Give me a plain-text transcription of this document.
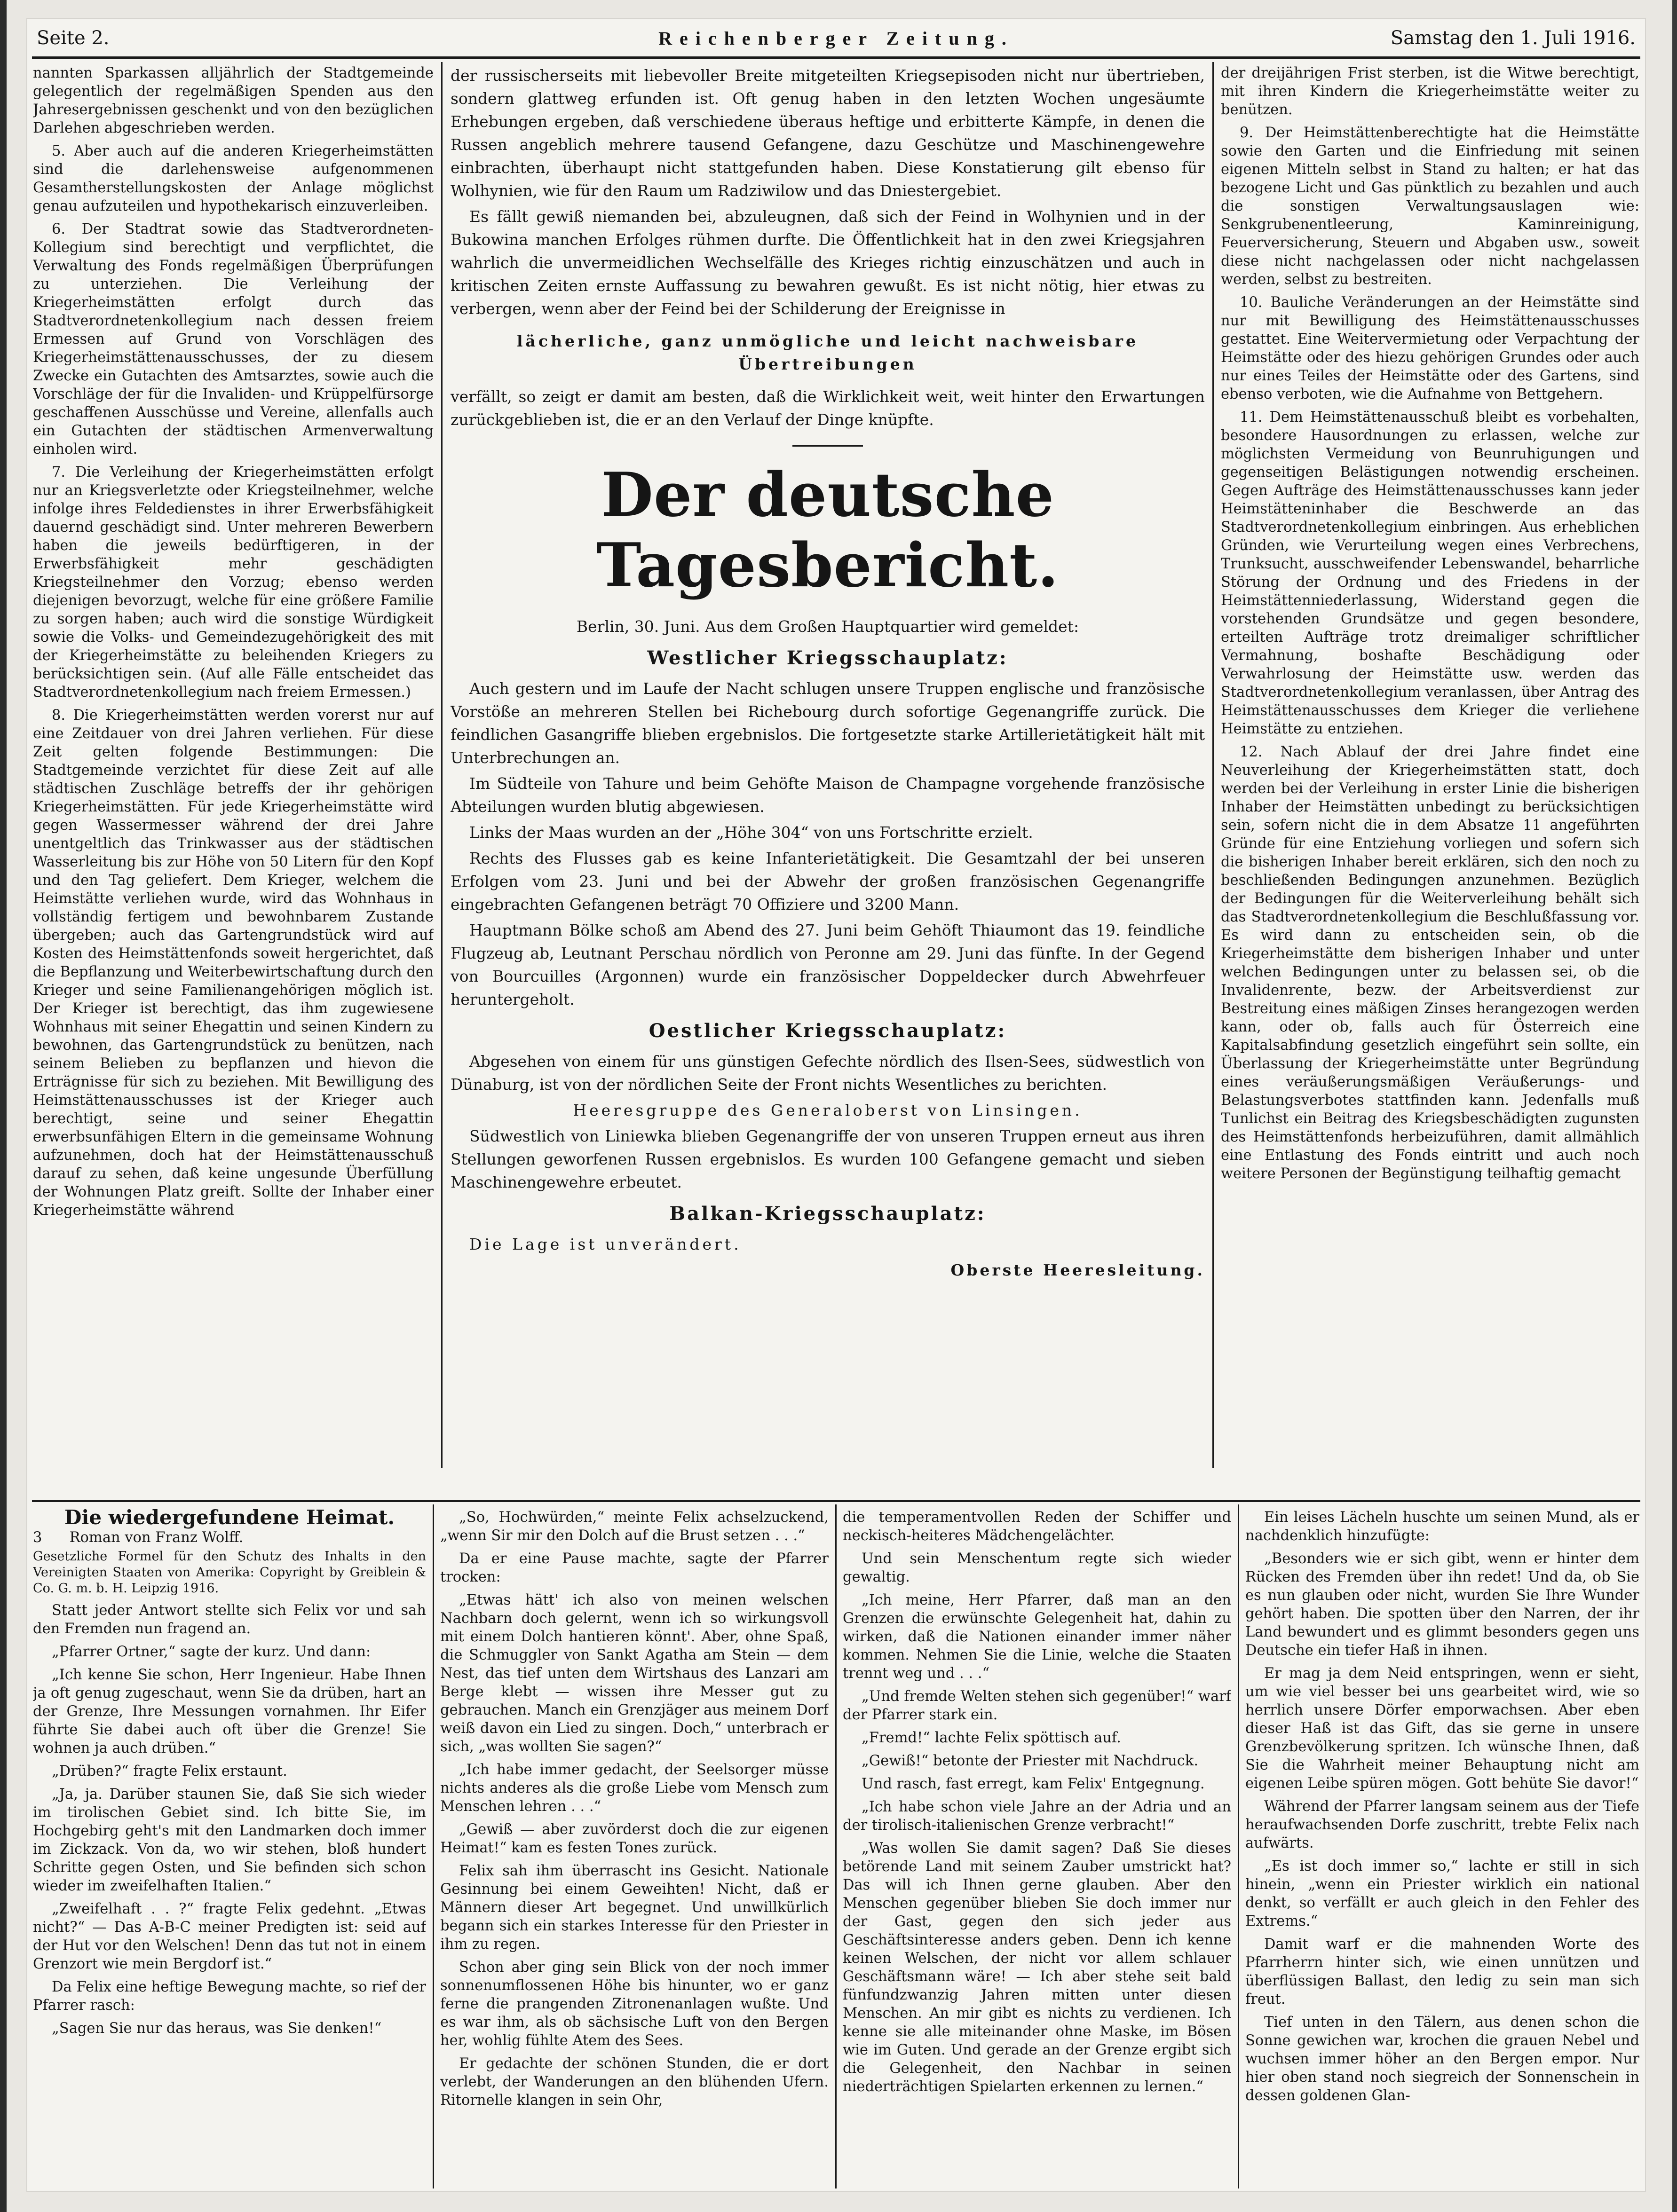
Seite 2.	Reichenberger Zeitung.	Samstag den 1. Juli 1916.

nannten Sparkassen alljährlich der Stadtgemeinde gelegentlich der regelmäßigen Spenden aus den Jahresergebnissen geschenkt und von den bezüglichen Darlehen abgeschrieben werden.

5. Aber auch auf die anderen Kriegerheimstätten sind die darlehensweise aufgenommenen Gesamtherstellungskosten der Anlage möglichst genau aufzuteilen und hypothekarisch einzuverleiben.

6. Der Stadtrat sowie das Stadtverordneten-Kollegium sind berechtigt und verpflichtet, die Verwaltung des Fonds regelmäßigen Überprüfungen zu unterziehen. Die Verleihung der Kriegerheimstätten erfolgt durch das Stadtverordnetenkollegium nach dessen freiem Ermessen auf Grund von Vorschlägen des Kriegerheimstättenausschusses, der zu diesem Zwecke ein Gutachten des Amtsarztes, sowie auch die Vorschläge der für die Invaliden- und Krüppelfürsorge geschaffenen Ausschüsse und Vereine, allenfalls auch ein Gutachten der städtischen Armenverwaltung einholen wird.

7. Die Verleihung der Kriegerheimstätten erfolgt nur an Kriegsverletzte oder Kriegsteilnehmer, welche infolge ihres Feldedienstes in ihrer Erwerbsfähigkeit dauernd geschädigt sind. Unter mehreren Bewerbern haben die jeweils bedürftigeren, in der Erwerbsfähigkeit mehr geschädigten Kriegsteilnehmer den Vorzug; ebenso werden diejenigen bevorzugt, welche für eine größere Familie zu sorgen haben; auch wird die sonstige Würdigkeit sowie die Volks- und Gemeindezugehörigkeit des mit der Kriegerheimstätte zu beleihenden Kriegers zu berücksichtigen sein. (Auf alle Fälle entscheidet das Stadtverordnetenkollegium nach freiem Ermessen.)

8. Die Kriegerheimstätten werden vorerst nur auf eine Zeitdauer von drei Jahren verliehen. Für diese Zeit gelten folgende Bestimmungen: Die Stadtgemeinde verzichtet für diese Zeit auf alle städtischen Zuschläge betreffs der ihr gehörigen Kriegerheimstätten. Für jede Kriegerheimstätte wird gegen Wassermesser während der drei Jahre unentgeltlich das Trinkwasser aus der städtischen Wasserleitung bis zur Höhe von 50 Litern für den Kopf und den Tag geliefert. Dem Krieger, welchem die Heimstätte verliehen wurde, wird das Wohnhaus in vollständig fertigem und bewohnbarem Zustande übergeben; auch das Gartengrundstück wird auf Kosten des Heimstättenfonds soweit hergerichtet, daß die Bepflanzung und Weiterbewirtschaftung durch den Krieger und seine Familienangehörigen möglich ist. Der Krieger ist berechtigt, das ihm zugewiesene Wohnhaus mit seiner Ehegattin und seinen Kindern zu bewohnen, das Gartengrundstück zu benützen, nach seinem Belieben zu bepflanzen und hievon die Erträgnisse für sich zu beziehen. Mit Bewilligung des Heimstättenausschusses ist der Krieger auch berechtigt, seine und seiner Ehegattin erwerbsunfähigen Eltern in die gemeinsame Wohnung aufzunehmen, doch hat der Heimstättenausschuß darauf zu sehen, daß keine ungesunde Überfüllung der Wohnungen Platz greift. Sollte der Inhaber einer Kriegerheimstätte während

der russischerseits mit liebevoller Breite mitgeteilten Kriegsepisoden nicht nur übertrieben, sondern glattweg erfunden ist. Oft genug haben in den letzten Wochen ungesäumte Erhebungen ergeben, daß verschiedene überaus heftige und erbitterte Kämpfe, in denen die Russen angeblich mehrere tausend Gefangene, dazu Geschütze und Maschinengewehre einbrachten, überhaupt nicht stattgefunden haben. Diese Konstatierung gilt ebenso für Wolhynien, wie für den Raum um Radziwilow und das Dniestergebiet.

Es fällt gewiß niemanden bei, abzuleugnen, daß sich der Feind in Wolhynien und in der Bukowina manchen Erfolges rühmen durfte. Die Öffentlichkeit hat in den zwei Kriegsjahren wahrlich die unvermeidlichen Wechselfälle des Krieges richtig einzuschätzen und auch in kritischen Zeiten ernste Auffassung zu bewahren gewußt. Es ist nicht nötig, hier etwas zu verbergen, wenn aber der Feind bei der Schilderung der Ereignisse in

lächerliche, ganz unmögliche und leicht nachweisbare Übertreibungen

verfällt, so zeigt er damit am besten, daß die Wirklichkeit weit, weit hinter den Erwartungen zurückgeblieben ist, die er an den Verlauf der Dinge knüpfte.

Der deutsche Tagesbericht.

Berlin, 30. Juni. Aus dem Großen Hauptquartier wird gemeldet:

Westlicher Kriegsschauplatz:

Auch gestern und im Laufe der Nacht schlugen unsere Truppen englische und französische Vorstöße an mehreren Stellen bei Richebourg durch sofortige Gegenangriffe zurück. Die feindlichen Gasangriffe blieben ergebnislos. Die fortgesetzte starke Artillerietätigkeit hält mit Unterbrechungen an.

Im Südteile von Tahure und beim Gehöfte Maison de Champagne vorgehende französische Abteilungen wurden blutig abgewiesen.

Links der Maas wurden an der „Höhe 304“ von uns Fortschritte erzielt.

Rechts des Flusses gab es keine Infanterietätigkeit. Die Gesamtzahl der bei unseren Erfolgen vom 23. Juni und bei der Abwehr der großen französischen Gegenangriffe eingebrachten Gefangenen beträgt 70 Offiziere und 3200 Mann.

Hauptmann Bölke schoß am Abend des 27. Juni beim Gehöft Thiaumont das 19. feindliche Flugzeug ab, Leutnant Perschau nördlich von Peronne am 29. Juni das fünfte. In der Gegend von Bourcuilles (Argonnen) wurde ein französischer Doppeldecker durch Abwehrfeuer heruntergeholt.

Oestlicher Kriegsschauplatz:

Abgesehen von einem für uns günstigen Gefechte nördlich des Ilsen-Sees, südwestlich von Dünaburg, ist von der nördlichen Seite der Front nichts Wesentliches zu berichten.

Heeresgruppe des Generaloberst von Linsingen.

Südwestlich von Liniewka blieben Gegenangriffe der von unseren Truppen erneut aus ihren Stellungen geworfenen Russen ergebnislos. Es wurden 100 Gefangene gemacht und sieben Maschinengewehre erbeutet.

Balkan-Kriegsschauplatz:

Die Lage ist unverändert.

Oberste Heeresleitung.

der dreijährigen Frist sterben, ist die Witwe berechtigt, mit ihren Kindern die Kriegerheimstätte weiter zu benützen.

9. Der Heimstättenberechtigte hat die Heimstätte sowie den Garten und die Einfriedung mit seinen eigenen Mitteln selbst in Stand zu halten; er hat das bezogene Licht und Gas pünktlich zu bezahlen und auch die sonstigen Verwaltungsauslagen wie: Senkgrubenentleerung, Kaminreinigung, Feuerversicherung, Steuern und Abgaben usw., soweit diese nicht nachgelassen oder nicht nachgelassen werden, selbst zu bestreiten.

10. Bauliche Veränderungen an der Heimstätte sind nur mit Bewilligung des Heimstättenausschusses gestattet. Eine Weitervermietung oder Verpachtung der Heimstätte oder des hiezu gehörigen Grundes oder auch nur eines Teiles der Heimstätte oder des Gartens, sind ebenso verboten, wie die Aufnahme von Bettgehern.

11. Dem Heimstättenausschuß bleibt es vorbehalten, besondere Hausordnungen zu erlassen, welche zur möglichsten Vermeidung von Beunruhigungen und gegenseitigen Belästigungen notwendig erscheinen. Gegen Aufträge des Heimstättenausschusses kann jeder Heimstätteninhaber die Beschwerde an das Stadtverordnetenkollegium einbringen. Aus erheblichen Gründen, wie Verurteilung wegen eines Verbrechens, Trunksucht, ausschweifender Lebenswandel, beharrliche Störung der Ordnung und des Friedens in der Heimstättenniederlassung, Widerstand gegen die vorstehenden Grundsätze und gegen besondere, erteilten Aufträge trotz dreimaliger schriftlicher Vermahnung, boshafte Beschädigung oder Verwahrlosung der Heimstätte usw. werden das Stadtverordnetenkollegium veranlassen, über Antrag des Heimstättenausschusses dem Krieger die verliehene Heimstätte zu entziehen.

12. Nach Ablauf der drei Jahre findet eine Neuverleihung der Kriegerheimstätten statt, doch werden bei der Verleihung in erster Linie die bisherigen Inhaber der Heimstätten unbedingt zu berücksichtigen sein, sofern nicht die in dem Absatze 11 angeführten Gründe für eine Entziehung vorliegen und sofern sich die bisherigen Inhaber bereit erklären, sich den noch zu beschließenden Bedingungen anzunehmen. Bezüglich der Bedingungen für die Weiterverleihung behält sich das Stadtverordnetenkollegium die Beschlußfassung vor. Es wird dann zu entscheiden sein, ob die Kriegerheimstätte dem bisherigen Inhaber und unter welchen Bedingungen unter zu belassen sei, ob die Invalidenrente, bezw. der Arbeitsverdienst zur Bestreitung eines mäßigen Zinses herangezogen werden kann, oder ob, falls auch für Österreich eine Kapitalsabfindung gesetzlich eingeführt sein sollte, ein Überlassung der Kriegerheimstätte unter Begründung eines veräußerungsmäßigen Veräußerungs- und Belastungsverbotes stattfinden kann. Jedenfalls muß Tunlichst ein Beitrag des Kriegsbeschädigten zugunsten des Heimstättenfonds herbeizuführen, damit allmählich eine Entlastung des Fonds eintritt und auch noch weitere Personen der Begünstigung teilhaftig gemacht

Die wiedergefundene Heimat.

3 Roman von Franz Wolff.

Gesetzliche Formel für den Schutz des Inhalts in den Vereinigten Staaten von Amerika: Copyright by Greiblein & Co. G. m. b. H. Leipzig 1916.

Statt jeder Antwort stellte sich Felix vor und sah den Fremden nun fragend an.

„Pfarrer Ortner,“ sagte der kurz. Und dann:

„Ich kenne Sie schon, Herr Ingenieur. Habe Ihnen ja oft genug zugeschaut, wenn Sie da drüben, hart an der Grenze, Ihre Messungen vornahmen. Ihr Eifer führte Sie dabei auch oft über die Grenze! Sie wohnen ja auch drüben.“

„Drüben?“ fragte Felix erstaunt.

„Ja, ja. Darüber staunen Sie, daß Sie sich wieder im tirolischen Gebiet sind. Ich bitte Sie, im Hochgebirg geht's mit den Landmarken doch immer im Zickzack. Von da, wo wir stehen, bloß hundert Schritte gegen Osten, und Sie befinden sich schon wieder im zweifelhaften Italien.“

„Zweifelhaft . . ?“ fragte Felix gedehnt. „Etwas nicht?“ — Das A-B-C meiner Predigten ist: seid auf der Hut vor den Welschen! Denn das tut not in einem Grenzort wie mein Bergdorf ist.“

Da Felix eine heftige Bewegung machte, so rief der Pfarrer rasch:

„Sagen Sie nur das heraus, was Sie denken!“

„So, Hochwürden,“ meinte Felix achselzuckend, „wenn Sir mir den Dolch auf die Brust setzen . . .“

Da er eine Pause machte, sagte der Pfarrer trocken:

„Etwas hätt' ich also von meinen welschen Nachbarn doch gelernt, wenn ich so wirkungsvoll mit einem Dolch hantieren könnt'. Aber, ohne Spaß, die Schmuggler von Sankt Agatha am Stein — dem Nest, das tief unten dem Wirtshaus des Lanzari am Berge klebt — wissen ihre Messer gut zu gebrauchen. Manch ein Grenzjäger aus meinem Dorf weiß davon ein Lied zu singen. Doch,“ unterbrach er sich, „was wollten Sie sagen?“

„Ich habe immer gedacht, der Seelsorger müsse nichts anderes als die große Liebe vom Mensch zum Menschen lehren . . .“

„Gewiß — aber zuvörderst doch die zur eigenen Heimat!“ kam es festen Tones zurück.

Felix sah ihm überrascht ins Gesicht. Nationale Gesinnung bei einem Geweihten! Nicht, daß er Männern dieser Art begegnet. Und unwillkürlich begann sich ein starkes Interesse für den Priester in ihm zu regen.

Schon aber ging sein Blick von der noch immer sonnenumflossenen Höhe bis hinunter, wo er ganz ferne die prangenden Zitronenanlagen wußte. Und es war ihm, als ob sächsische Luft von den Bergen her, wohlig fühlte Atem des Sees.

Er gedachte der schönen Stunden, die er dort verlebt, der Wanderungen an den blühenden Ufern. Ritornelle klangen in sein Ohr,

die temperamentvollen Reden der Schiffer und neckisch-heiteres Mädchengelächter.

Und sein Menschentum regte sich wieder gewaltig.

„Ich meine, Herr Pfarrer, daß man an den Grenzen die erwünschte Gelegenheit hat, dahin zu wirken, daß die Nationen einander immer näher kommen. Nehmen Sie die Linie, welche die Staaten trennt weg und . . .“

„Und fremde Welten stehen sich gegenüber!“ warf der Pfarrer stark ein.

„Fremd!“ lachte Felix spöttisch auf.

„Gewiß!“ betonte der Priester mit Nachdruck.

Und rasch, fast erregt, kam Felix' Entgegnung.

„Ich habe schon viele Jahre an der Adria und an der tirolisch-italienischen Grenze verbracht!“

„Was wollen Sie damit sagen? Daß Sie dieses betörende Land mit seinem Zauber umstrickt hat? Das will ich Ihnen gerne glauben. Aber den Menschen gegenüber blieben Sie doch immer nur der Gast, gegen den sich jeder aus Geschäftsinteresse anders geben. Denn ich kenne keinen Welschen, der nicht vor allem schlauer Geschäftsmann wäre! — Ich aber stehe seit bald fünfundzwanzig Jahren mitten unter diesen Menschen. An mir gibt es nichts zu verdienen. Ich kenne sie alle miteinander ohne Maske, im Bösen wie im Guten. Und gerade an der Grenze ergibt sich die Gelegenheit, den Nachbar in seinen niederträchtigen Spielarten erkennen zu lernen.“

Ein leises Lächeln huschte um seinen Mund, als er nachdenklich hinzufügte:

„Besonders wie er sich gibt, wenn er hinter dem Rücken des Fremden über ihn redet! Und da, ob Sie es nun glauben oder nicht, wurden Sie Ihre Wunder gehört haben. Die spotten über den Narren, der ihr Land bewundert und es glimmt besonders gegen uns Deutsche ein tiefer Haß in ihnen.

Er mag ja dem Neid entspringen, wenn er sieht, um wie viel besser bei uns gearbeitet wird, wie so herrlich unsere Dörfer emporwachsen. Aber eben dieser Haß ist das Gift, das sie gerne in unsere Grenzbevölkerung spritzen. Ich wünsche Ihnen, daß Sie die Wahrheit meiner Behauptung nicht am eigenen Leibe spüren mögen. Gott behüte Sie davor!“

Während der Pfarrer langsam seinem aus der Tiefe heraufwachsenden Dorfe zuschritt, trebte Felix nach aufwärts.

„Es ist doch immer so,“ lachte er still in sich hinein, „wenn ein Priester wirklich ein national denkt, so verfällt er auch gleich in den Fehler des Extrems.“

Damit warf er die mahnenden Worte des Pfarrherrn hinter sich, wie einen unnützen und überflüssigen Ballast, den ledig zu sein man sich freut.

Tief unten in den Tälern, aus denen schon die Sonne gewichen war, krochen die grauen Nebel und wuchsen immer höher an den Bergen empor. Nur hier oben stand noch siegreich der Sonnenschein in dessen goldenen Glan-
